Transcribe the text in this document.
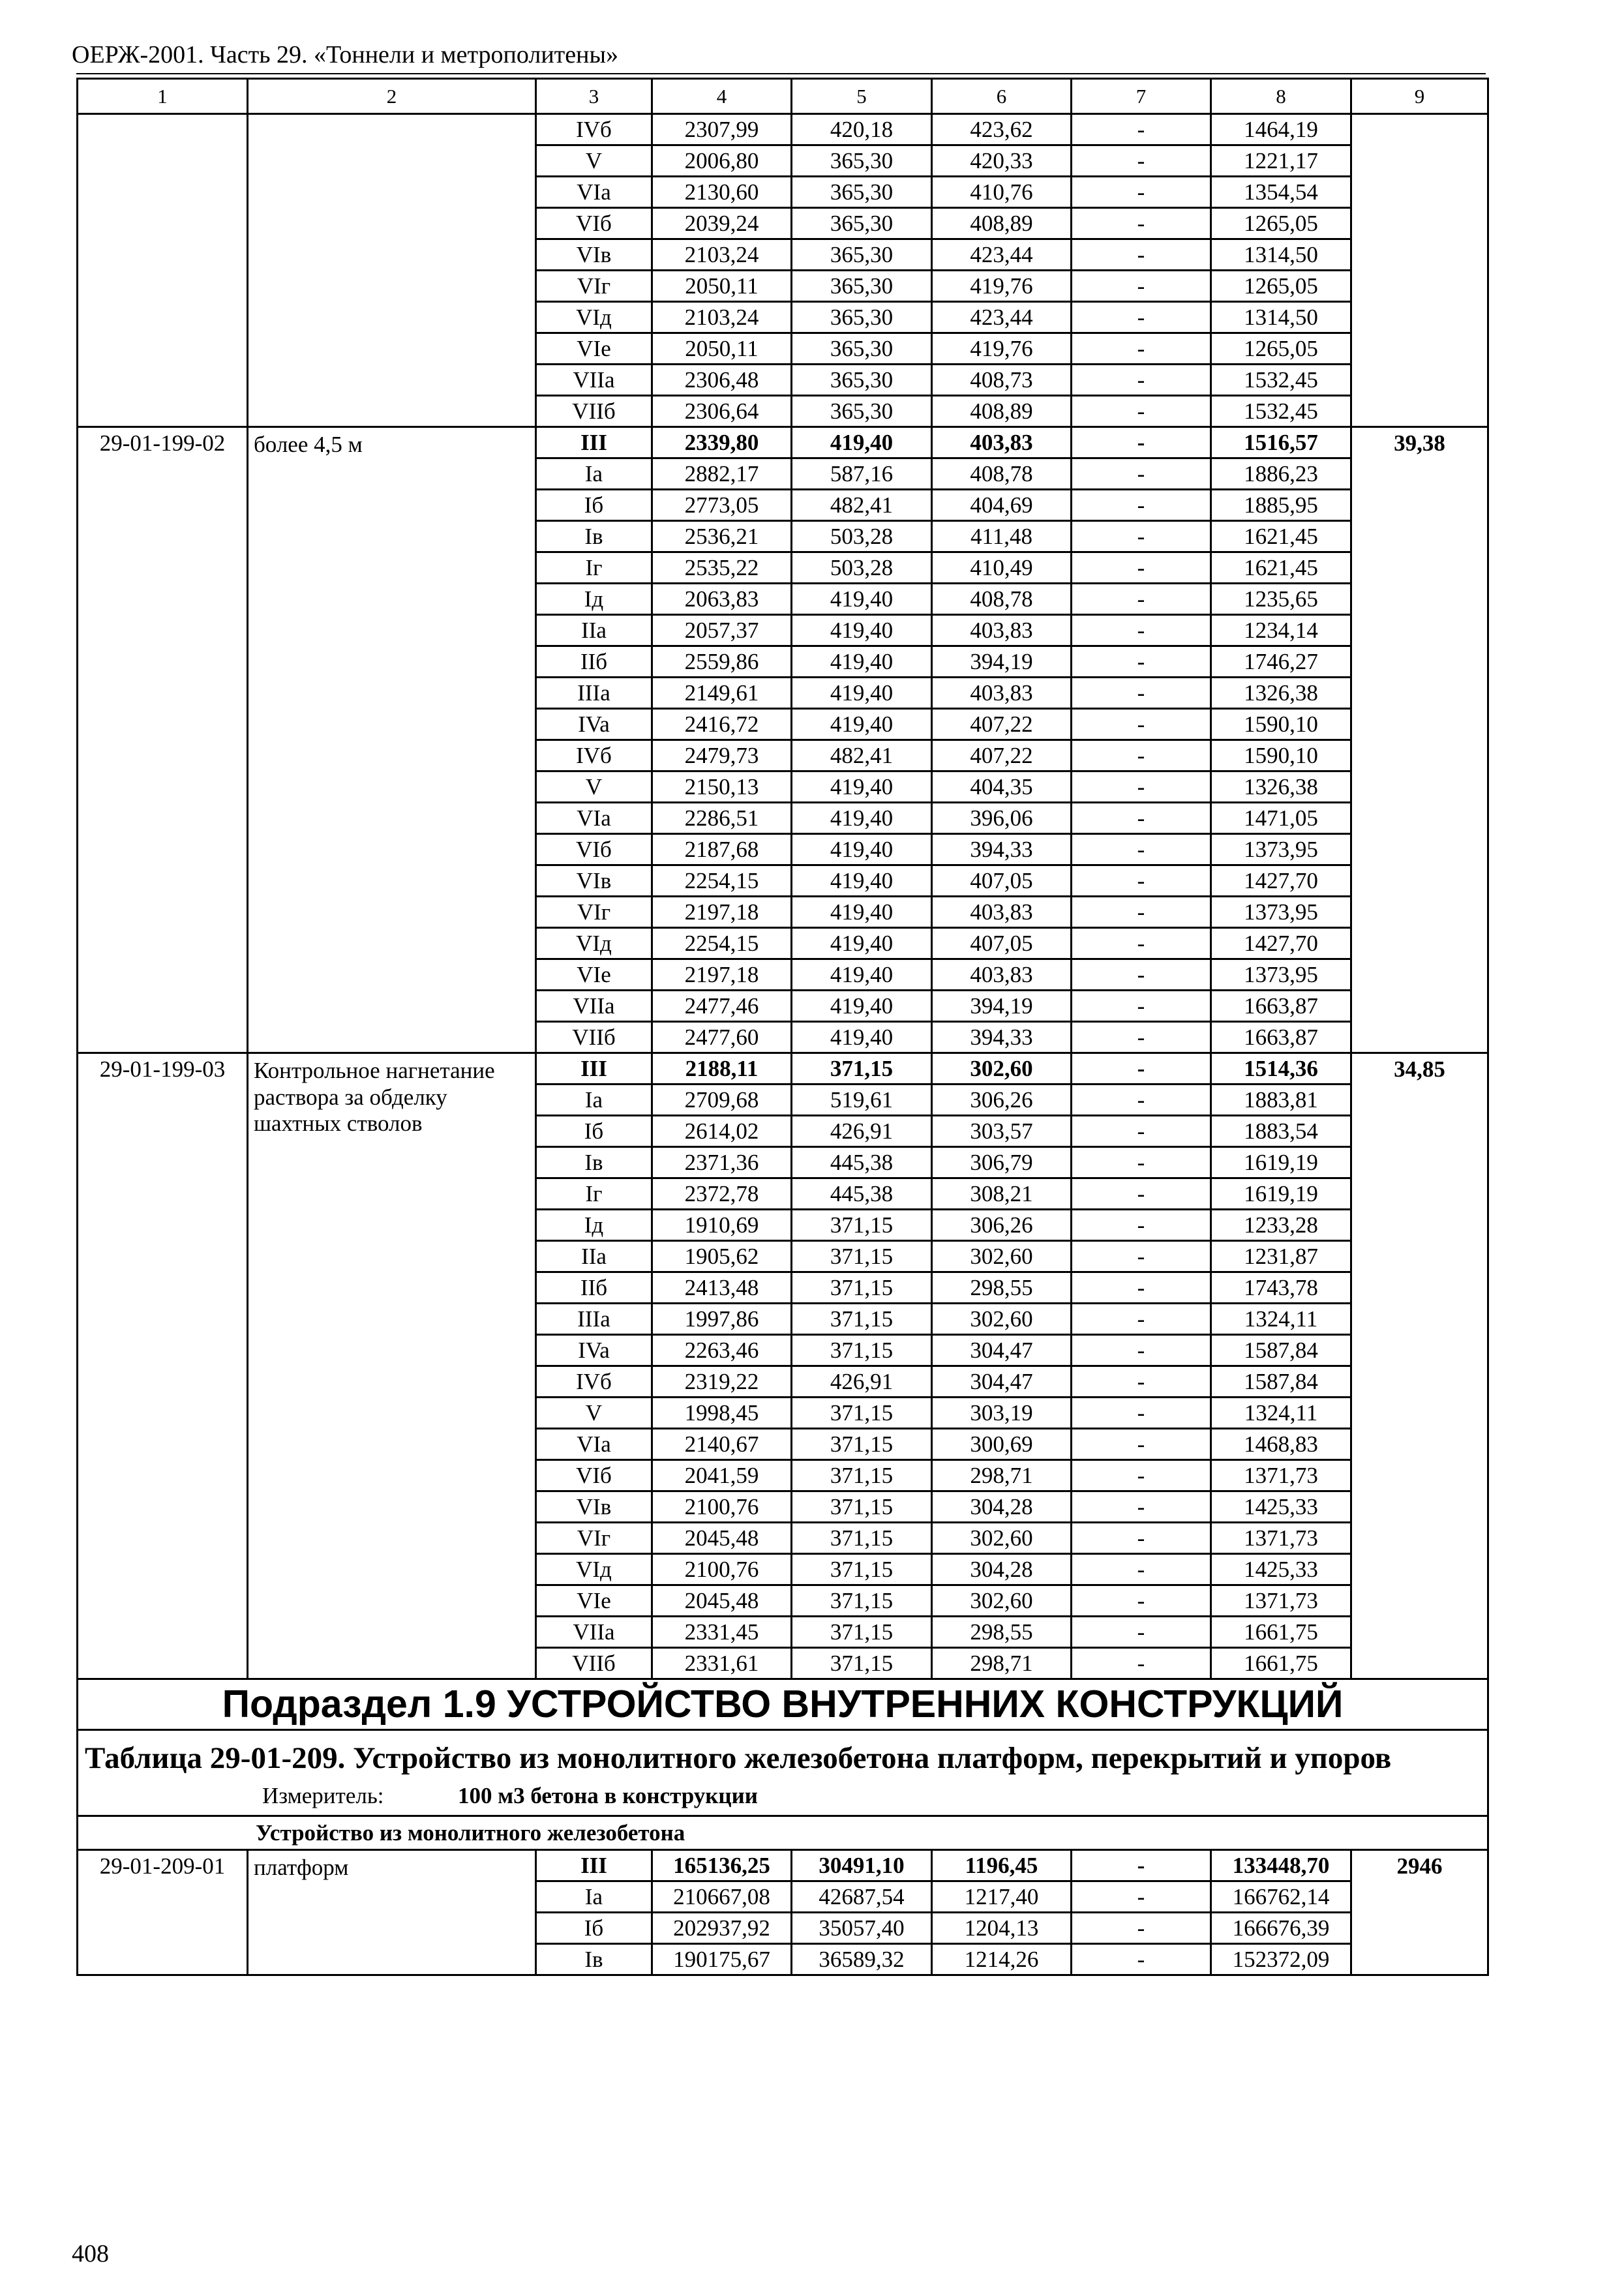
ОЕРЖ-2001. Часть 29. «Тоннели и метрополитены»
1	2	3	4	5	6	7	8	9
		IVб	2307,99	420,18	423,62	-	1464,19	
		V	2006,80	365,30	420,33	-	1221,17	
		VIa	2130,60	365,30	410,76	-	1354,54	
		VIб	2039,24	365,30	408,89	-	1265,05	
		VIв	2103,24	365,30	423,44	-	1314,50	
		VIг	2050,11	365,30	419,76	-	1265,05	
		VIд	2103,24	365,30	423,44	-	1314,50	
		VIe	2050,11	365,30	419,76	-	1265,05	
		VIIa	2306,48	365,30	408,73	-	1532,45	
		VIIб	2306,64	365,30	408,89	-	1532,45	
29-01-199-02	более 4,5 м	III	2339,80	419,40	403,83	-	1516,57	39,38
		Ia	2882,17	587,16	408,78	-	1886,23	
		Iб	2773,05	482,41	404,69	-	1885,95	
		Iв	2536,21	503,28	411,48	-	1621,45	
		Iг	2535,22	503,28	410,49	-	1621,45	
		Iд	2063,83	419,40	408,78	-	1235,65	
		IIa	2057,37	419,40	403,83	-	1234,14	
		IIб	2559,86	419,40	394,19	-	1746,27	
		IIIa	2149,61	419,40	403,83	-	1326,38	
		IVa	2416,72	419,40	407,22	-	1590,10	
		IVб	2479,73	482,41	407,22	-	1590,10	
		V	2150,13	419,40	404,35	-	1326,38	
		VIa	2286,51	419,40	396,06	-	1471,05	
		VIб	2187,68	419,40	394,33	-	1373,95	
		VIв	2254,15	419,40	407,05	-	1427,70	
		VIг	2197,18	419,40	403,83	-	1373,95	
		VIд	2254,15	419,40	407,05	-	1427,70	
		VIe	2197,18	419,40	403,83	-	1373,95	
		VIIa	2477,46	419,40	394,19	-	1663,87	
		VIIб	2477,60	419,40	394,33	-	1663,87	
29-01-199-03	Контрольное нагнетание раствора за обделку шахтных стволов	III	2188,11	371,15	302,60	-	1514,36	34,85
		Ia	2709,68	519,61	306,26	-	1883,81	
		Iб	2614,02	426,91	303,57	-	1883,54	
		Iв	2371,36	445,38	306,79	-	1619,19	
		Iг	2372,78	445,38	308,21	-	1619,19	
		Iд	1910,69	371,15	306,26	-	1233,28	
		IIa	1905,62	371,15	302,60	-	1231,87	
		IIб	2413,48	371,15	298,55	-	1743,78	
		IIIa	1997,86	371,15	302,60	-	1324,11	
		IVa	2263,46	371,15	304,47	-	1587,84	
		IVб	2319,22	426,91	304,47	-	1587,84	
		V	1998,45	371,15	303,19	-	1324,11	
		VIa	2140,67	371,15	300,69	-	1468,83	
		VIб	2041,59	371,15	298,71	-	1371,73	
		VIв	2100,76	371,15	304,28	-	1425,33	
		VIг	2045,48	371,15	302,60	-	1371,73	
		VIд	2100,76	371,15	304,28	-	1425,33	
		VIe	2045,48	371,15	302,60	-	1371,73	
		VIIa	2331,45	371,15	298,55	-	1661,75	
		VIIб	2331,61	371,15	298,71	-	1661,75	
Подраздел 1.9 УСТРОЙСТВО ВНУТРЕННИХ КОНСТРУКЦИЙ								

Таблица 29-01-209. Устройство из монолитного железобетона платформ, перекрытий и упоров
Измеритель: 100 м3 бетона в конструкции								

Устройство из монолитного железобетона								
29-01-209-01	платформ	III	165136,25	30491,10	1196,45	-	133448,70	2946
		Ia	210667,08	42687,54	1217,40	-	166762,14	
		Iб	202937,92	35057,40	1204,13	-	166676,39	
		Iв	190175,67	36589,32	1214,26	-	152372,09	
408
